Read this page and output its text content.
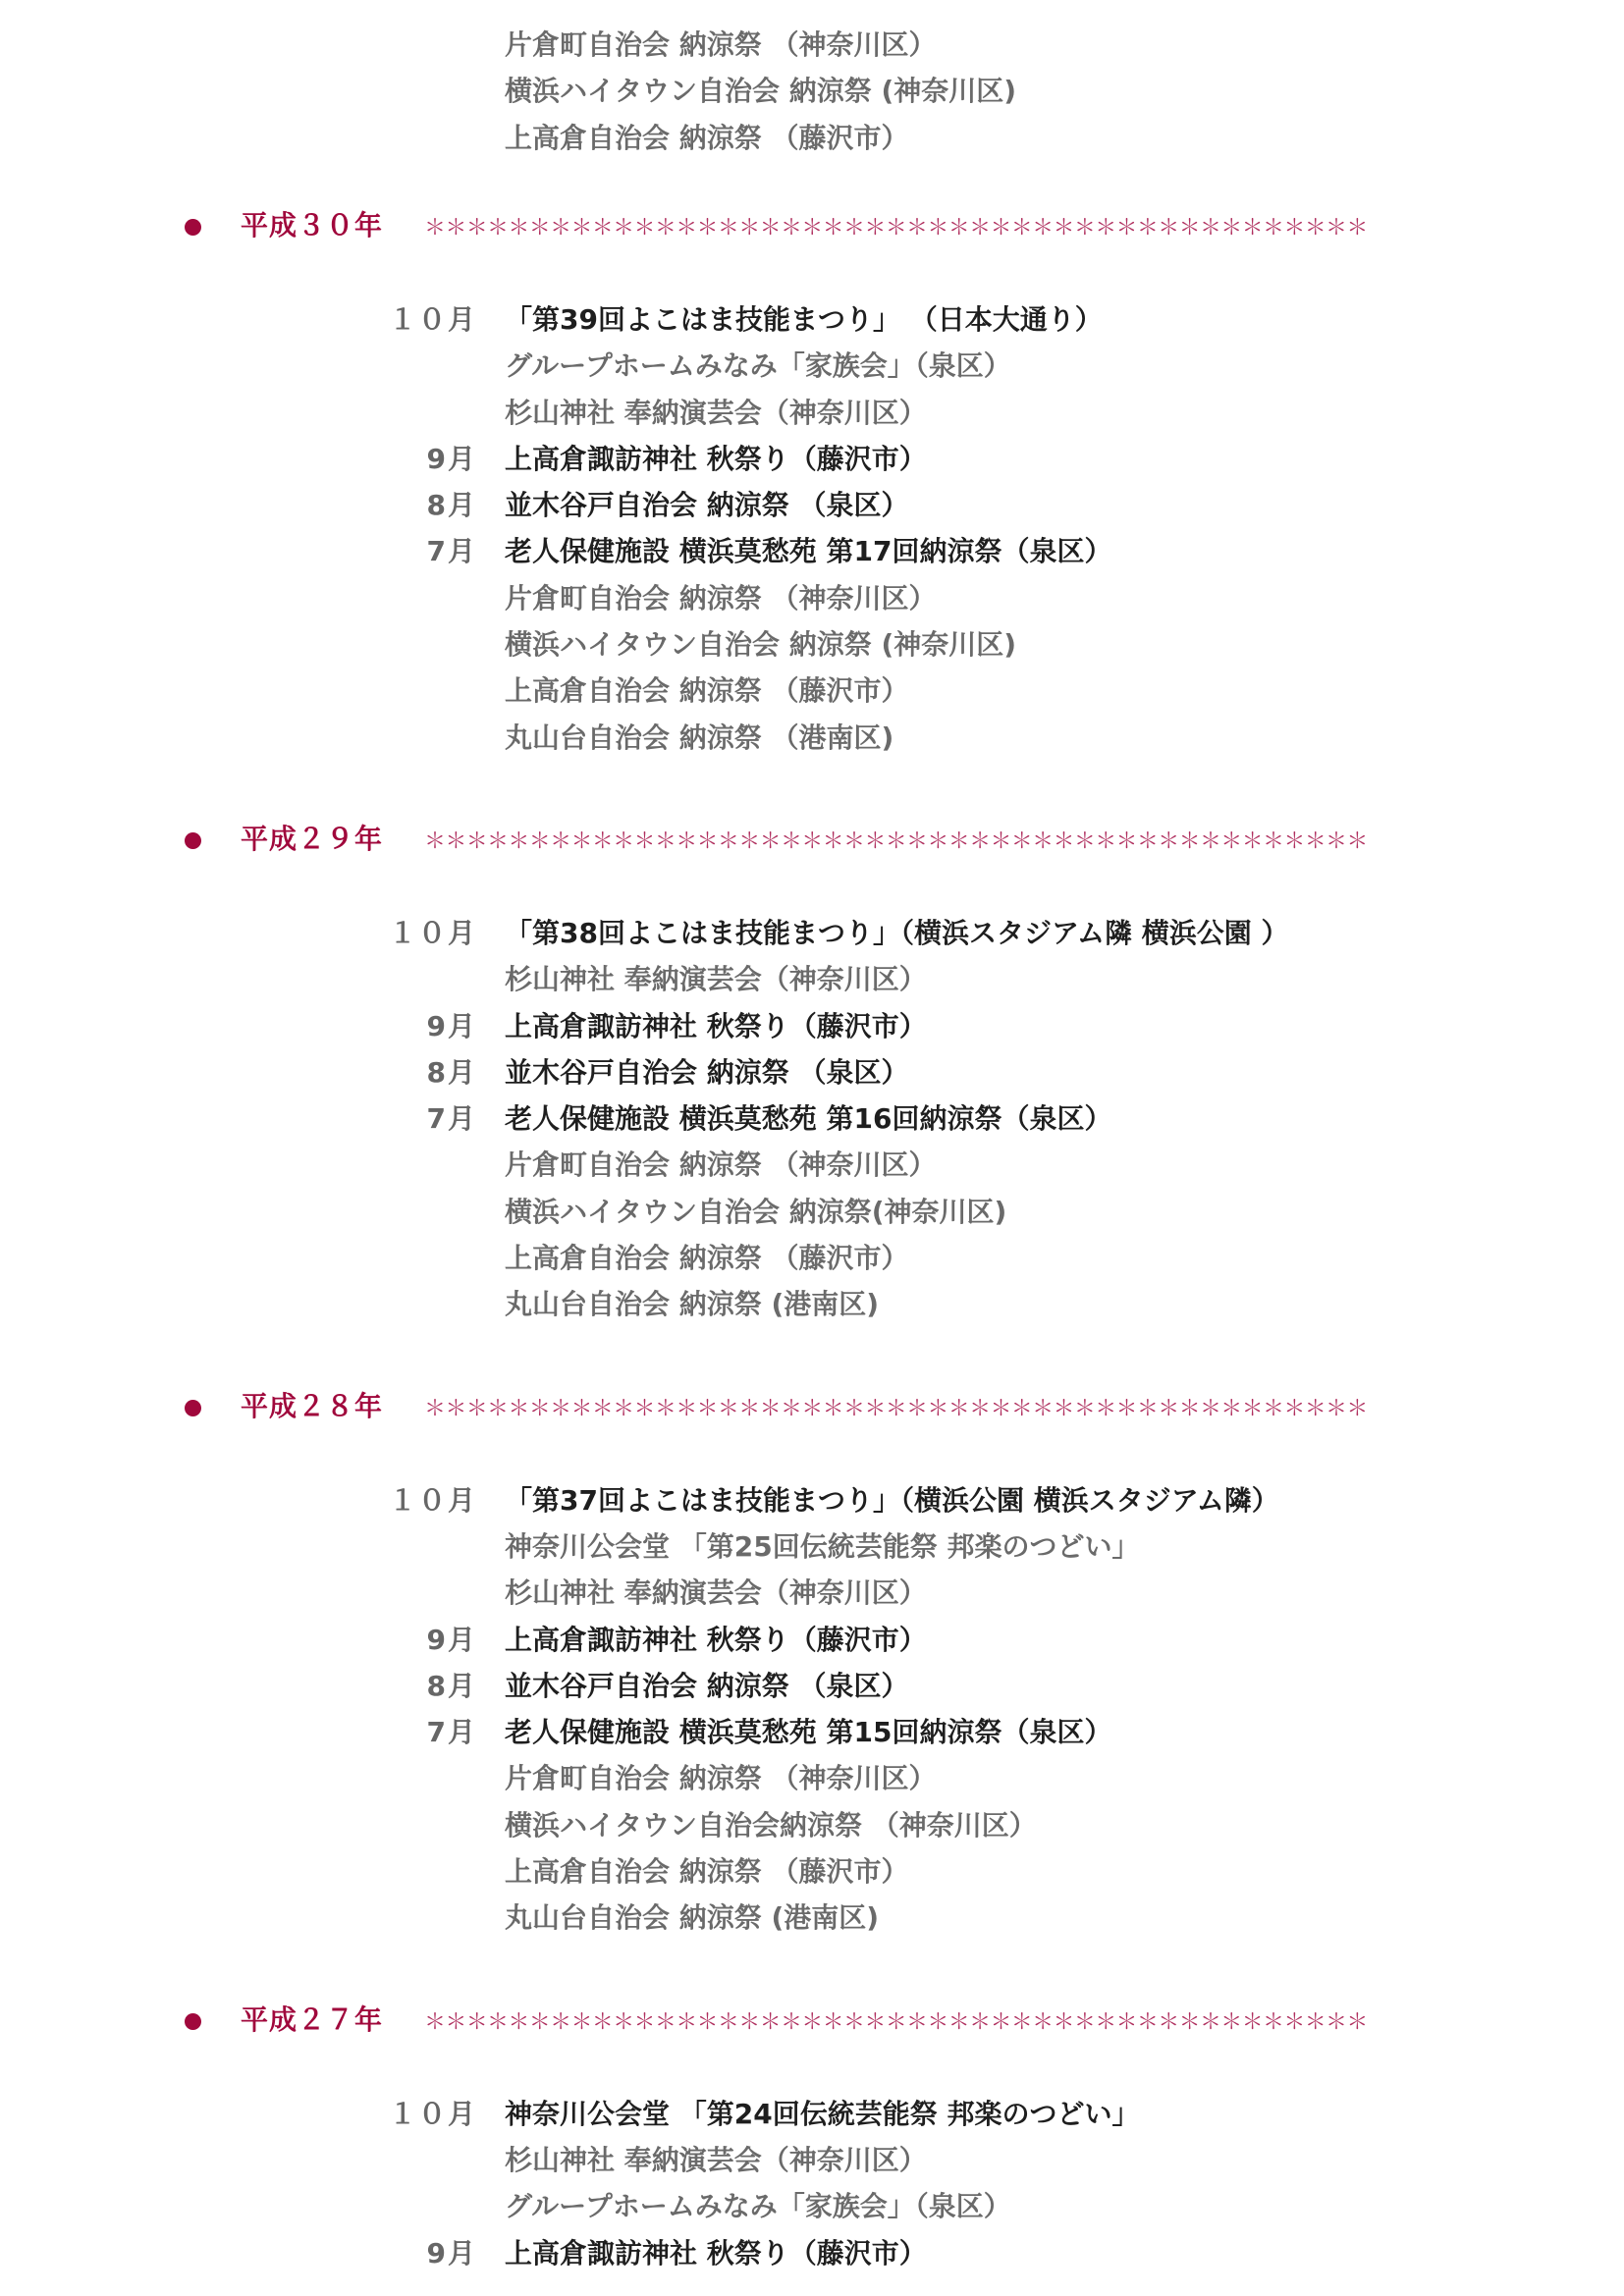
片倉町自治会 納涼祭 （神奈川区）
横浜ハイタウン自治会 納涼祭 (神奈川区)
上高倉自治会 納涼祭 （藤沢市）
平成３０年 ＊＊＊＊＊＊＊＊＊＊＊＊＊＊＊＊＊＊＊＊＊＊＊＊＊＊＊＊＊＊＊＊＊＊＊＊＊＊＊＊＊＊＊＊＊
１０月 「第39回よこはま技能まつり」 （日本大通り）
グループホームみなみ「家族会」（泉区）
杉山神社 奉納演芸会（神奈川区）
9月 上高倉諏訪神社 秋祭り（藤沢市）
8月 並木谷戸自治会 納涼祭 （泉区）
7月 老人保健施設 横浜莫愁苑 第17回納涼祭（泉区）
片倉町自治会 納涼祭 （神奈川区）
横浜ハイタウン自治会 納涼祭 (神奈川区)
上高倉自治会 納涼祭 （藤沢市）
丸山台自治会 納涼祭 （港南区)
平成２９年 ＊＊＊＊＊＊＊＊＊＊＊＊＊＊＊＊＊＊＊＊＊＊＊＊＊＊＊＊＊＊＊＊＊＊＊＊＊＊＊＊＊＊＊＊＊
１０月 「第38回よこはま技能まつり」（横浜スタジアム隣 横浜公園 ）
杉山神社 奉納演芸会（神奈川区）
9月 上高倉諏訪神社 秋祭り（藤沢市）
8月 並木谷戸自治会 納涼祭 （泉区）
7月 老人保健施設 横浜莫愁苑 第16回納涼祭（泉区）
片倉町自治会 納涼祭 （神奈川区）
横浜ハイタウン自治会 納涼祭(神奈川区)
上高倉自治会 納涼祭 （藤沢市）
丸山台自治会 納涼祭 (港南区)
平成２８年 ＊＊＊＊＊＊＊＊＊＊＊＊＊＊＊＊＊＊＊＊＊＊＊＊＊＊＊＊＊＊＊＊＊＊＊＊＊＊＊＊＊＊＊＊＊
１０月 「第37回よこはま技能まつり」（横浜公園 横浜スタジアム隣）
神奈川公会堂 「第25回伝統芸能祭 邦楽のつどい」
杉山神社 奉納演芸会（神奈川区）
9月 上高倉諏訪神社 秋祭り（藤沢市）
8月 並木谷戸自治会 納涼祭 （泉区）
7月 老人保健施設 横浜莫愁苑 第15回納涼祭（泉区）
片倉町自治会 納涼祭 （神奈川区）
横浜ハイタウン自治会納涼祭 （神奈川区）
上高倉自治会 納涼祭 （藤沢市）
丸山台自治会 納涼祭 (港南区)
平成２７年 ＊＊＊＊＊＊＊＊＊＊＊＊＊＊＊＊＊＊＊＊＊＊＊＊＊＊＊＊＊＊＊＊＊＊＊＊＊＊＊＊＊＊＊＊＊
１０月 神奈川公会堂 「第24回伝統芸能祭 邦楽のつどい」
杉山神社 奉納演芸会（神奈川区）
グループホームみなみ「家族会」（泉区）
9月 上高倉諏訪神社 秋祭り（藤沢市）
